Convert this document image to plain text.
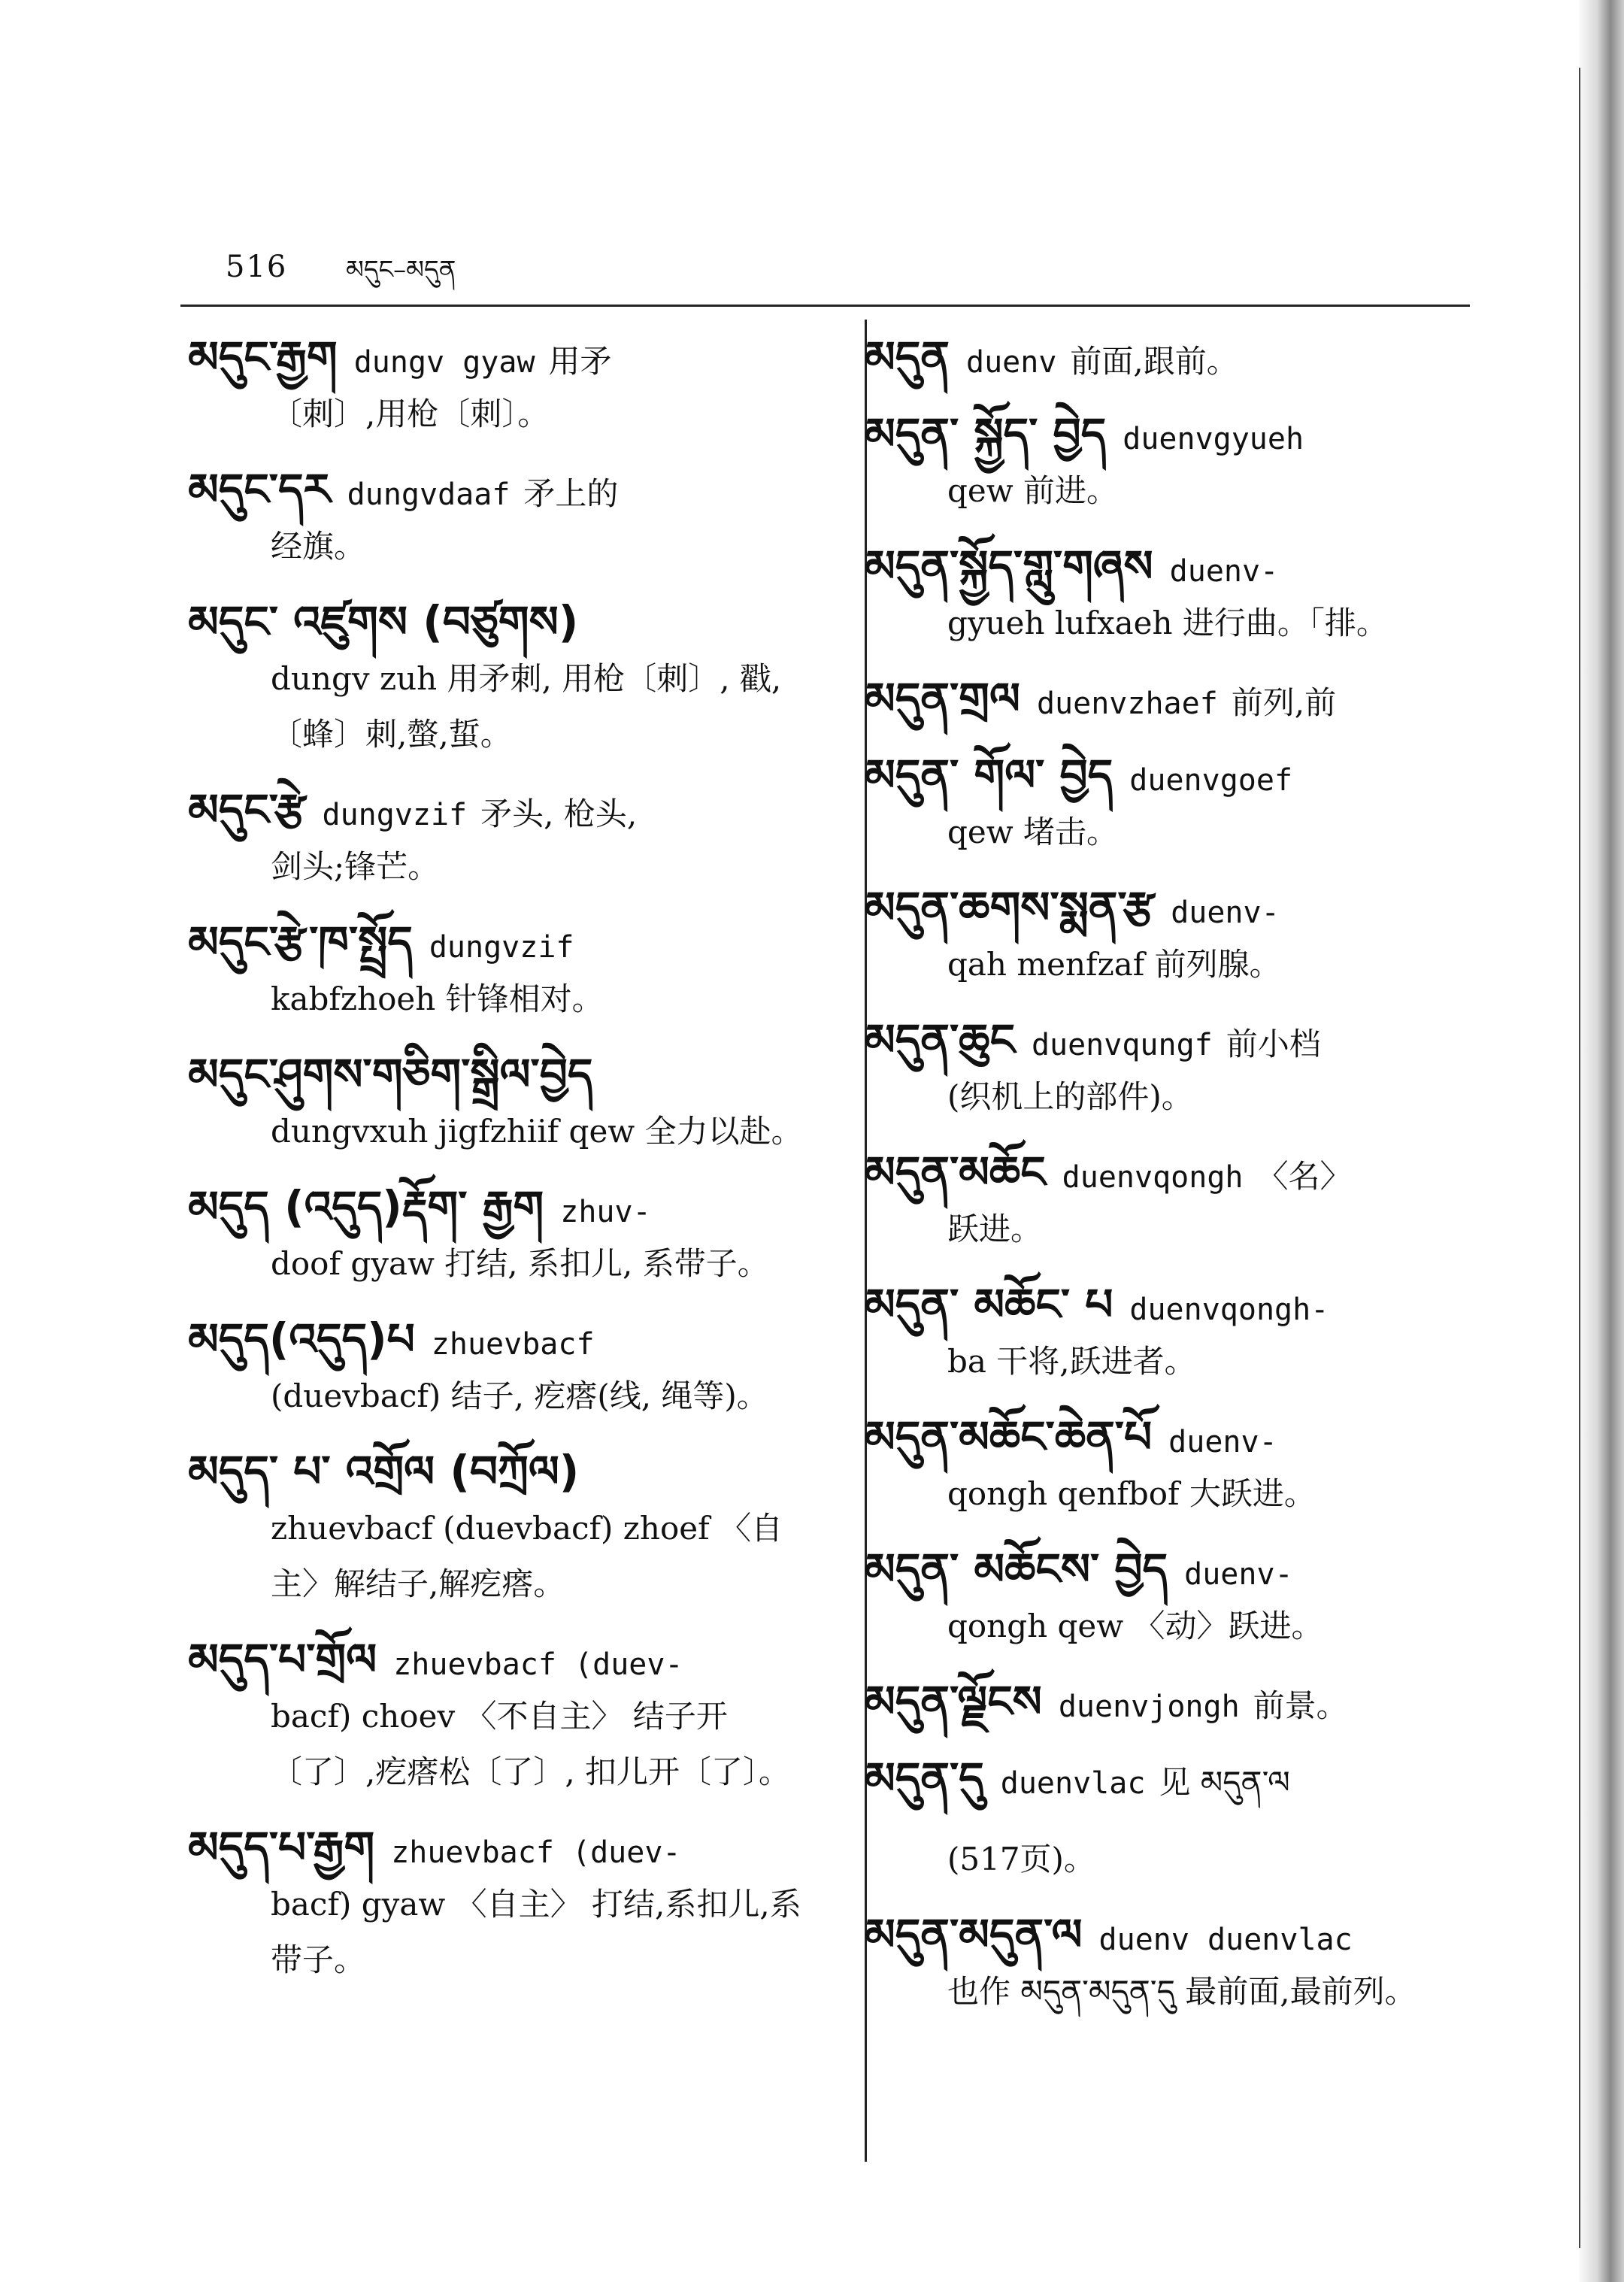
516 མདུང–མདུན
མདུང་རྒྱག dungv gyaw 用矛
〔刺〕,用枪〔刺〕。
མདུང་དར dungvdaaf 矛上的
经旗。
མདུང་ འཛུགས (བཙུགས)
dungv zuh 用矛刺, 用枪〔刺〕, 戳,〔蜂〕刺,螫,蜇。
མདུང་རྩེ dungvzif 矛头, 枪头,
剑头;锋芒。
མདུང་རྩེ་ཁ་སྤྲོད dungvzif
kabfzhoeh 针锋相对。
མདུང་ཤུགས་གཅིག་སྒྲིལ་བྱེད
dungvxuh jigfzhiif qew 全力以赴。
མདུད (འདུད)རྡོག་ རྒྱག zhuv-
doof gyaw 打结, 系扣儿, 系带子。
མདུད(འདུད)པ zhuevbacf
(duevbacf) 结子, 疙瘩(线, 绳等)。
མདུད་ པ་ འགྲོལ (བཀྲོལ)
zhuevbacf (duevbacf) zhoef 〈自主〉解结子,解疙瘩。
མདུད་པ་གྲོལ zhuevbacf (duev-
bacf) choev 〈不自主〉 结子开〔了〕,疙瘩松〔了〕, 扣儿开〔了〕。
མདུད་པ་རྒྱག zhuevbacf (duev-
bacf) gyaw 〈自主〉 打结,系扣儿,系带子。
མདུན duenv 前面,跟前。
མདུན་ སྐྱོད་ བྱེད duenvgyueh
qew 前进。
མདུན་སྐྱོད་གླུ་གཞས duenv-
gyueh lufxaeh 进行曲。「排。
མདུན་གྲལ duenvzhaef 前列,前
མདུན་ གོལ་ བྱེད duenvgoef
qew 堵击。
མདུན་ཆགས་སྨན་རྩ duenv-
qah menfzaf 前列腺。
མདུན་ཆུང duenvqungf 前小档
(织机上的部件)。
མདུན་མཆོང duenvqongh 〈名〉
跃进。
མདུན་ མཆོང་ པ duenvqongh-
ba 干将,跃进者。
མདུན་མཆོང་ཆེན་པོ duenv-
qongh qenfbof 大跃进。
མདུན་ མཆོངས་ བྱེད duenv-
qongh qew 〈动〉跃进。
མདུན་ལྗོངས duenvjongh 前景。
མདུན་དུ duenvlac 见 མདུན་ལ
(517页)。
མདུན་མདུན་ལ duenv duenvlac
也作 མདུན་མདུན་དུ 最前面,最前列。
